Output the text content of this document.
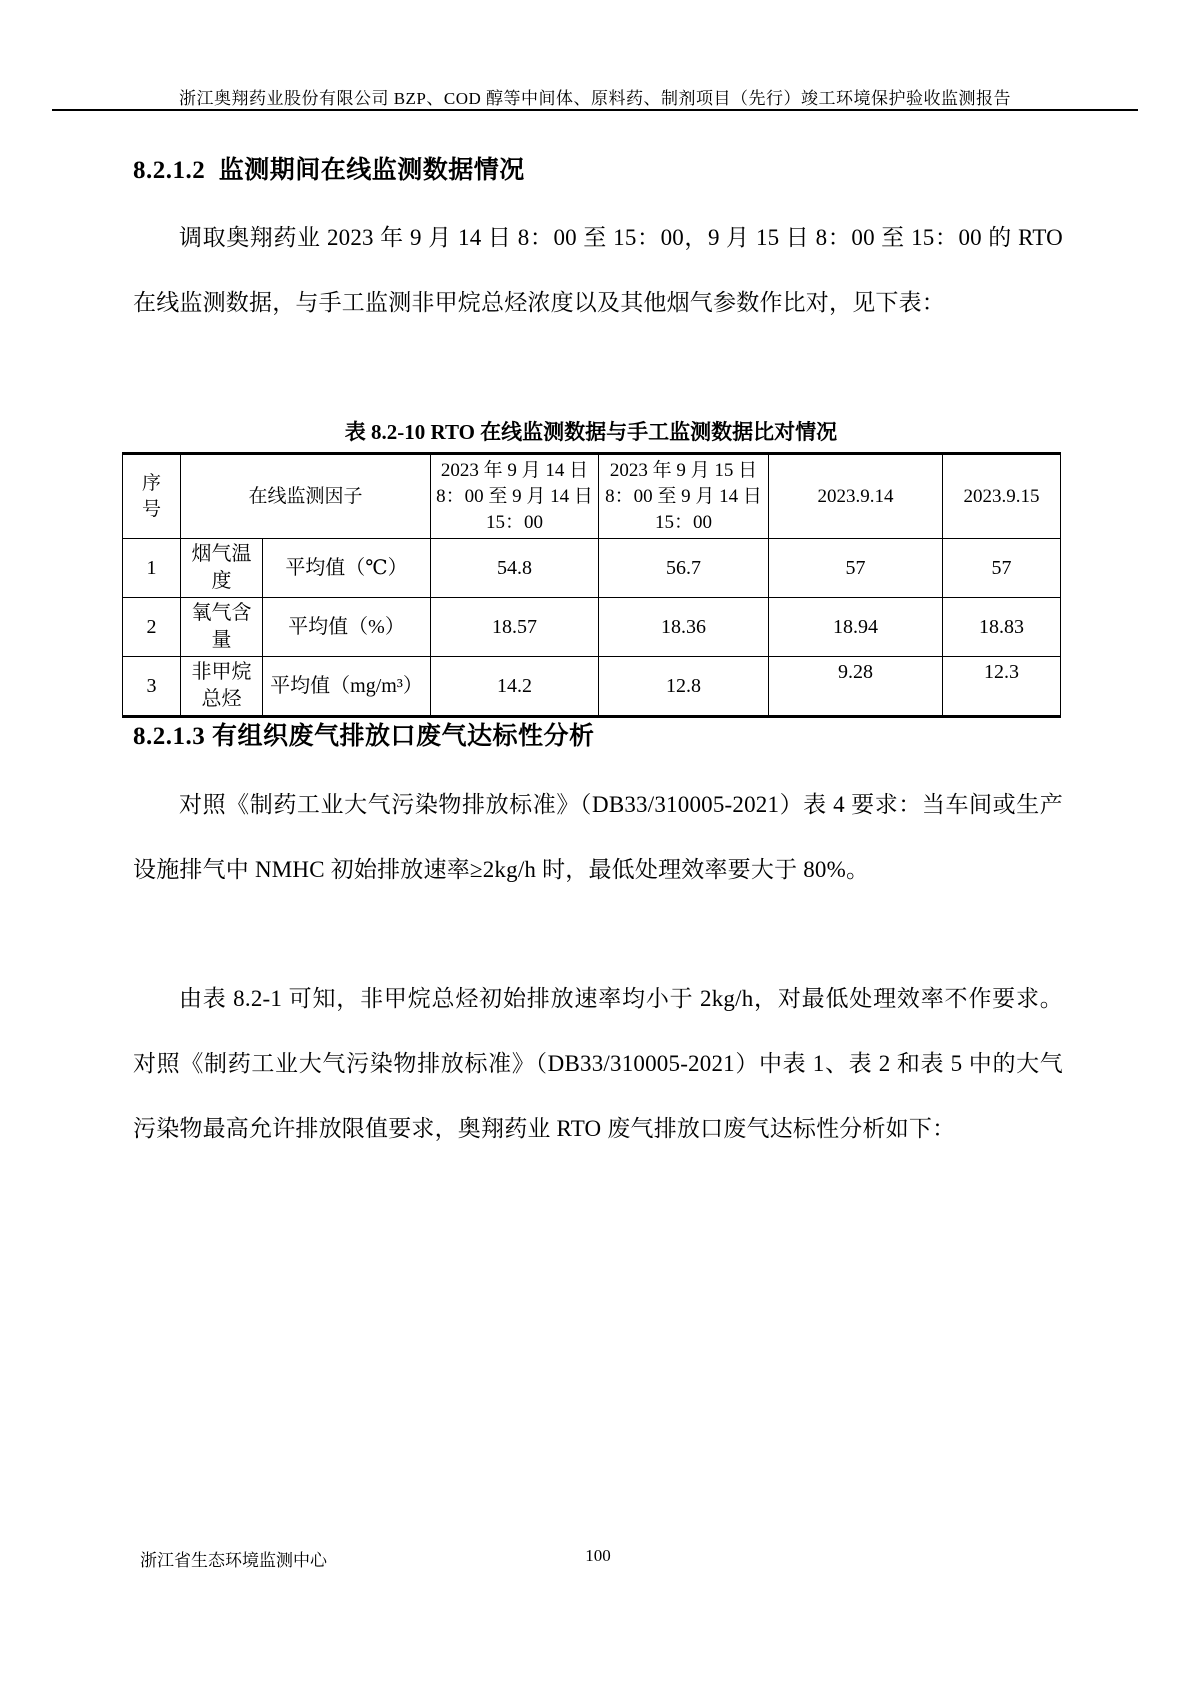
浙江奥翔药业股份有限公司 BZP、COD 醇等中间体、原料药、制剂项目（先行）竣工环境保护验收监测报告
8.2.1.2  监测期间在线监测数据情况
调取奥翔药业 2023 年 9 月 14 日 8：00 至 15：00，9 月 15 日 8：00 至 15：00 的 RTO 在线监测数据，与手工监测非甲烷总烃浓度以及其他烟气参数作比对，见下表：
表 8.2-10 RTO 在线监测数据与手工监测数据比对情况
序号	在线监测因子		2023 年 9 月 14 日 8：00 至 9 月 14 日 15：00	2023 年 9 月 15 日 8：00 至 9 月 14 日 15：00	2023.9.14	2023.9.15
1	烟气温度	平均值（℃）	54.8	56.7	57	57
2	氧气含量	平均值（%）	18.57	18.36	18.94	18.83
3	非甲烷总烃	平均值（mg/m³）	14.2	12.8	9.28	12.3
8.2.1.3 有组织废气排放口废气达标性分析
对照《制药工业大气污染物排放标准》（DB33/310005-2021）表 4 要求：当车间或生产设施排气中 NMHC 初始排放速率≥2kg/h 时，最低处理效率要大于 80%。
由表 8.2-1 可知，非甲烷总烃初始排放速率均小于 2kg/h，对最低处理效率不作要求。对照《制药工业大气污染物排放标准》（DB33/310005-2021）中表 1、表 2 和表 5 中的大气污染物最高允许排放限值要求，奥翔药业 RTO 废气排放口废气达标性分析如下：
浙江省生态环境监测中心	100
